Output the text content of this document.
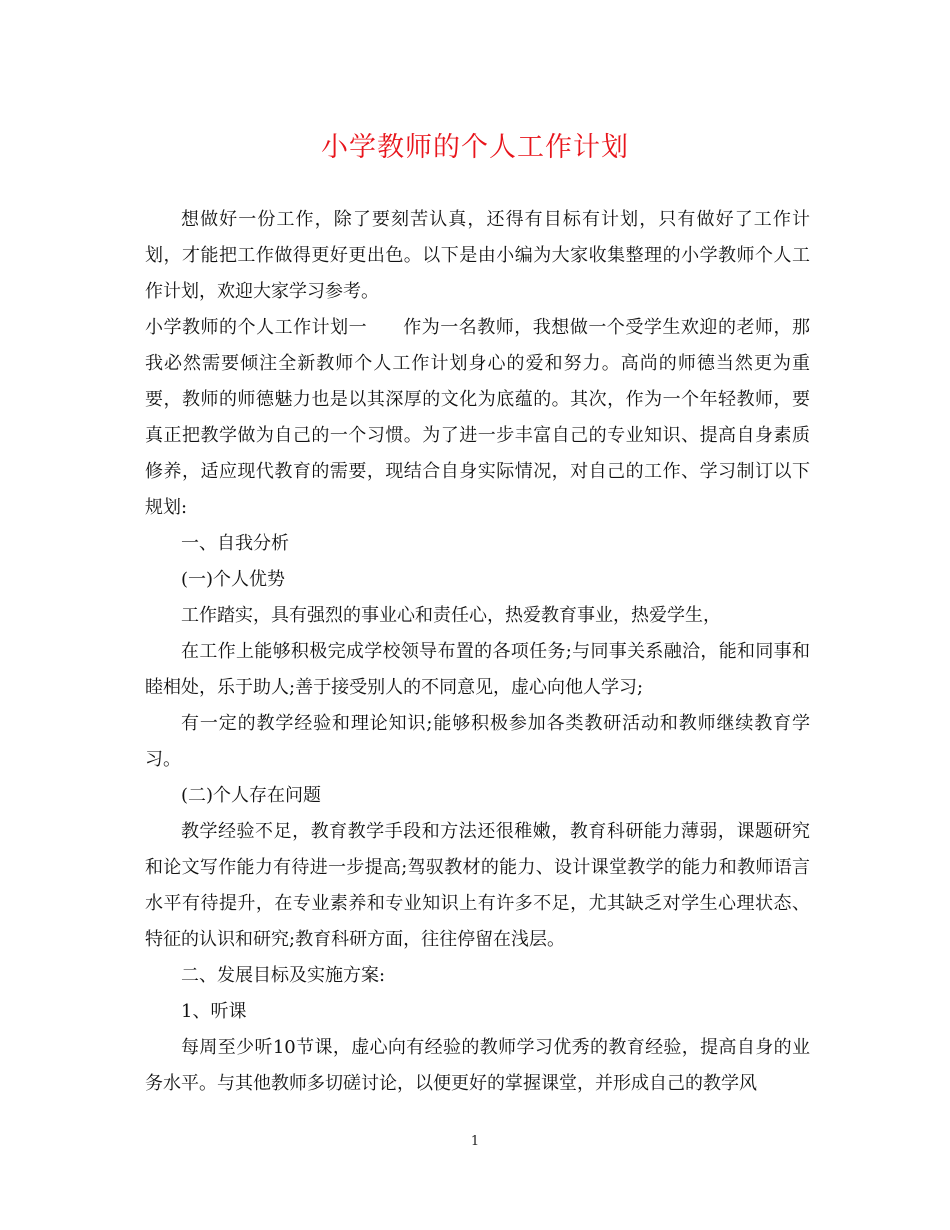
小学教师的个人工作计划

想做好一份工作，除了要刻苦认真，还得有目标有计划，只有做好了工作计划，才能把工作做得更好更出色。以下是由小编为大家收集整理的小学教师个人工作计划，欢迎大家学习参考。

小学教师的个人工作计划一 作为一名教师，我想做一个受学生欢迎的老师，那我必然需要倾注全新教师个人工作计划身心的爱和努力。高尚的师德当然更为重要，教师的师德魅力也是以其深厚的文化为底蕴的。其次，作为一个年轻教师，要真正把教学做为自己的一个习惯。为了进一步丰富自己的专业知识、提高自身素质修养，适应现代教育的需要，现结合自身实际情况，对自己的工作、学习制订以下规划:

一、自我分析

(一)个人优势

工作踏实，具有强烈的事业心和责任心，热爱教育事业，热爱学生，

在工作上能够积极完成学校领导布置的各项任务;与同事关系融洽，能和同事和睦相处，乐于助人;善于接受别人的不同意见，虚心向他人学习;

有一定的教学经验和理论知识;能够积极参加各类教研活动和教师继续教育学习。

(二)个人存在问题

教学经验不足，教育教学手段和方法还很稚嫩，教育科研能力薄弱，课题研究和论文写作能力有待进一步提高;驾驭教材的能力、设计课堂教学的能力和教师语言水平有待提升，在专业素养和专业知识上有许多不足，尤其缺乏对学生心理状态、特征的认识和研究;教育科研方面，往往停留在浅层。

二、发展目标及实施方案:

1、听课

每周至少听10节课，虚心向有经验的教师学习优秀的教育经验，提高自身的业务水平。与其他教师多切磋讨论，以便更好的掌握课堂，并形成自己的教学风

1
